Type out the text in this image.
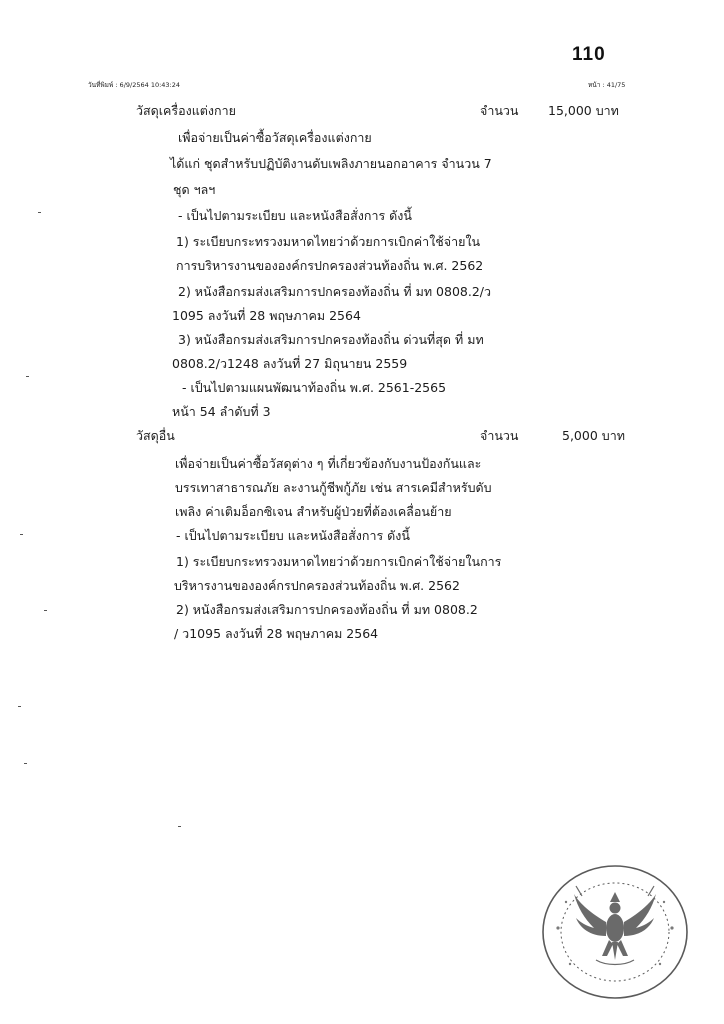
110
วันที่พิมพ์ : 6/9/2564 10:43:24	หน้า : 41/75
วัสดุเครื่องแต่งกาย	จำนวน 15,000 บาท
เพื่อจ่ายเป็นค่าซื้อวัสดุเครื่องแต่งกาย
ได้แก่ ชุดสำหรับปฏิบัติงานดับเพลิงภายนอกอาคาร จำนวน 7
ชุด ฯลฯ
- เป็นไปตามระเบียบ และหนังสือสั่งการ ดังนี้
1) ระเบียบกระทรวงมหาดไทยว่าด้วยการเบิกค่าใช้จ่ายใน
การบริหารงานขององค์กรปกครองส่วนท้องถิ่น พ.ศ. 2562
2) หนังสือกรมส่งเสริมการปกครองท้องถิ่น ที่ มท 0808.2/ว
1095 ลงวันที่ 28 พฤษภาคม 2564
3) หนังสือกรมส่งเสริมการปกครองท้องถิ่น ด่วนที่สุด ที่ มท
0808.2/ว1248 ลงวันที่ 27 มิถุนายน 2559
- เป็นไปตามแผนพัฒนาท้องถิ่น พ.ศ. 2561-2565
หน้า 54 ลำดับที่ 3
วัสดุอื่น	จำนวน	5,000 บาท
เพื่อจ่ายเป็นค่าซื้อวัสดุต่าง ๆ ที่เกี่ยวข้องกับงานป้องกันและ
บรรเทาสาธารณภัย ละงานกู้ชีพกู้ภัย เช่น สารเคมีสำหรับดับ
เพลิง ค่าเติมอ็อกซิเจน สำหรับผู้ป่วยที่ต้องเคลื่อนย้าย
- เป็นไปตามระเบียบ และหนังสือสั่งการ ดังนี้
1) ระเบียบกระทรวงมหาดไทยว่าด้วยการเบิกค่าใช้จ่ายในการ
บริหารงานขององค์กรปกครองส่วนท้องถิ่น พ.ศ. 2562
2) หนังสือกรมส่งเสริมการปกครองท้องถิ่น ที่ มท 0808.2
/ ว1095 ลงวันที่ 28 พฤษภาคม 2564
